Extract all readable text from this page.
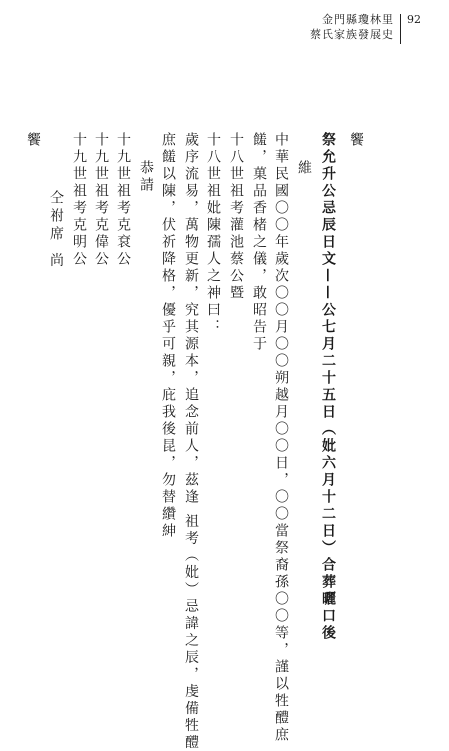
金門縣瓊林里
蔡氏家族發展史
92
饗
祭允升公忌辰日文——公七月二十五日（妣六月十二日）合葬曬口後
維
中華民國〇〇年歲次〇〇月〇〇朔越月〇〇日，〇〇當祭裔孫〇〇等，謹以牲醴庶
饈，菓品香楮之儀，敢昭告于
十八世祖考灌池蔡公暨
十八世祖妣陳孺人之神曰：
歲序流易，萬物更新，究其源本，追念前人，茲逢 祖考（妣）忌諱之辰，虔備牲醴
庶饈以陳，伏祈降格，優乎可親，庇我後昆，勿替纘紳
恭請
十九世祖考克袞公
十九世祖考克偉公
十九世祖考克明公
仝祔席 尚
饗
